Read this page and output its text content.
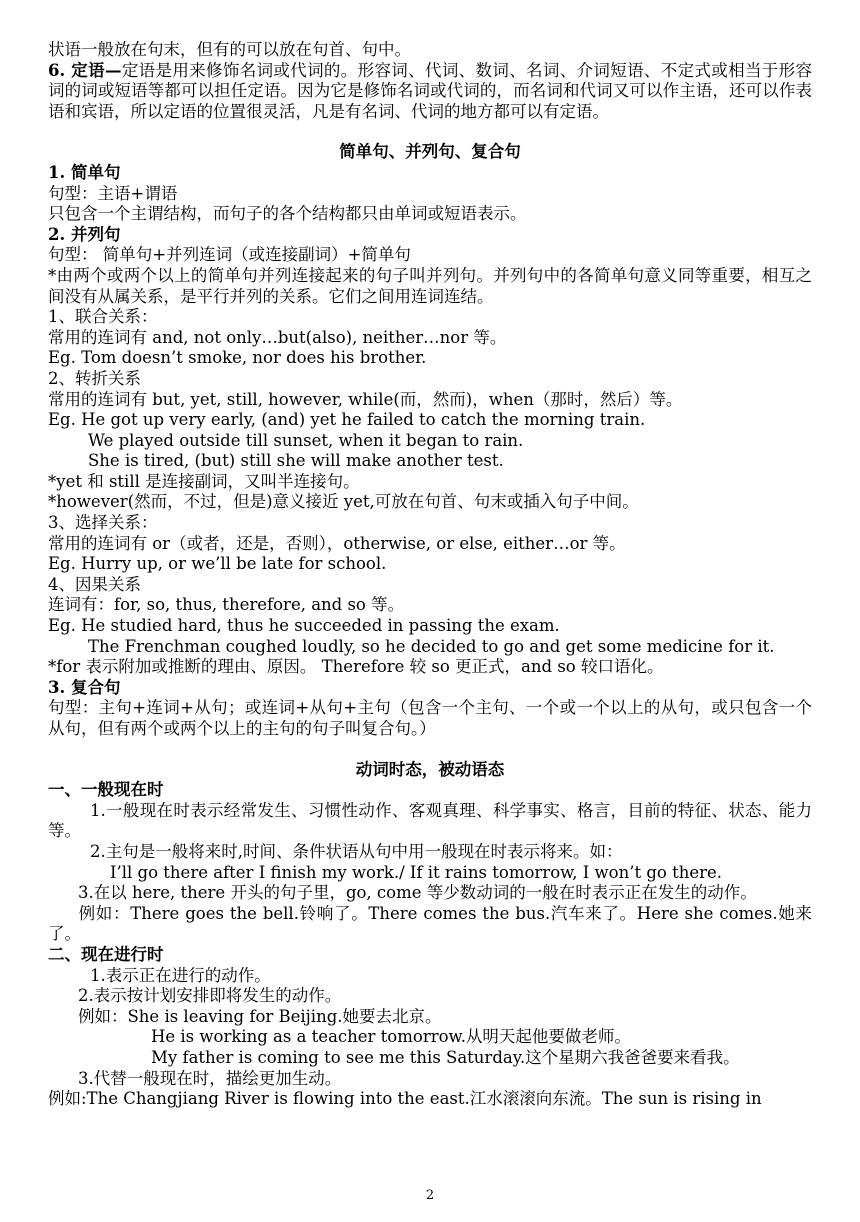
状语一般放在句末，但有的可以放在句首、句中。
6. 定语—定语是用来修饰名词或代词的。形容词、代词、数词、名词、介词短语、不定式或相当于形容词的词或短语等都可以担任定语。因为它是修饰名词或代词的，而名词和代词又可以作主语，还可以作表语和宾语，所以定语的位置很灵活，凡是有名词、代词的地方都可以有定语。
简单句、并列句、复合句
1. 简单句
句型：主语+谓语
只包含一个主谓结构，而句子的各个结构都只由单词或短语表示。
2. 并列句
句型： 简单句+并列连词（或连接副词）+简单句
*由两个或两个以上的简单句并列连接起来的句子叫并列句。并列句中的各简单句意义同等重要，相互之间没有从属关系，是平行并列的关系。它们之间用连词连结。
1、联合关系：
常用的连词有 and, not only…but(also), neither…nor 等。
Eg. Tom doesn’t smoke, nor does his brother.
2、转折关系
常用的连词有 but, yet, still, however, while(而，然而)，when（那时，然后）等。
Eg. He got up very early, (and) yet he failed to catch the morning train.
We played outside till sunset, when it began to rain.
She is tired, (but) still she will make another test.
*yet 和 still 是连接副词，又叫半连接句。
*however(然而，不过，但是)意义接近 yet,可放在句首、句末或插入句子中间。
3、选择关系：
常用的连词有 or（或者，还是，否则），otherwise, or else, either…or 等。
Eg. Hurry up, or we’ll be late for school.
4、因果关系
连词有：for, so, thus, therefore, and so 等。
Eg. He studied hard, thus he succeeded in passing the exam.
The Frenchman coughed loudly, so he decided to go and get some medicine for it.
*for 表示附加或推断的理由、原因。 Therefore 较 so 更正式，and so 较口语化。
3. 复合句
句型：主句+连词+从句；或连词+从句+主句（包含一个主句、一个或一个以上的从句，或只包含一个从句，但有两个或两个以上的主句的句子叫复合句。）
动词时态，被动语态
一、一般现在时
1.一般现在时表示经常发生、习惯性动作、客观真理、科学事实、格言，目前的特征、状态、能力等。
2.主句是一般将来时,时间、条件状语从句中用一般现在时表示将来。如：
I’ll go there after I finish my work./ If it rains tomorrow, I won’t go there.
3.在以 here, there 开头的句子里，go, come 等少数动词的一般在时表示正在发生的动作。
例如：There goes the bell.铃响了。There comes the bus.汽车来了。Here she comes.她来了。
二、现在进行时
1.表示正在进行的动作。
2.表示按计划安排即将发生的动作。
例如：She is leaving for Beijing.她要去北京。
He is working as a teacher tomorrow.从明天起他要做老师。
My father is coming to see me this Saturday.这个星期六我爸爸要来看我。
3.代替一般现在时，描绘更加生动。
例如:The Changjiang River is flowing into the east.江水滚滚向东流。The sun is rising in
2
